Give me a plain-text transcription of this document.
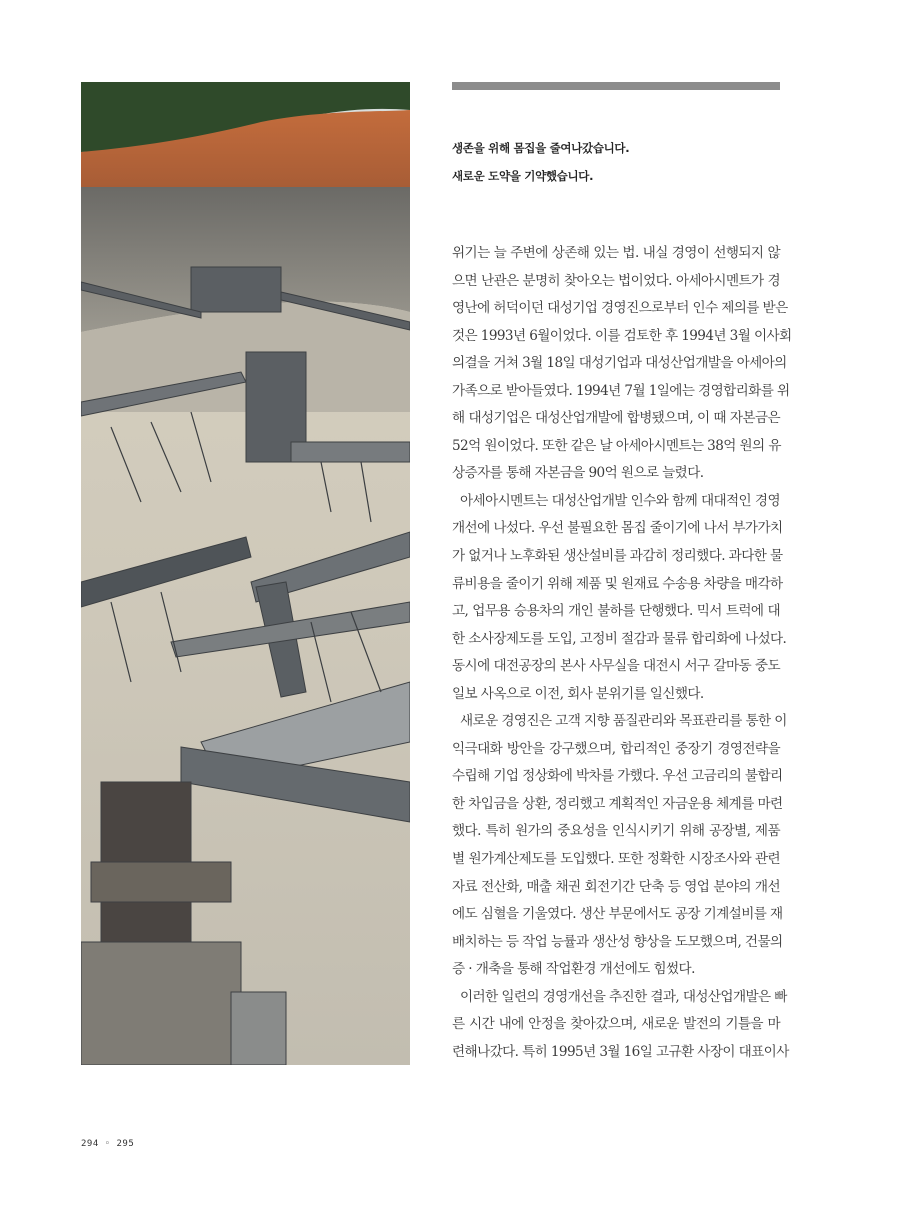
생존을 위해 몸집을 줄여나갔습니다.
새로운 도약을 기약했습니다.
위기는 늘 주변에 상존해 있는 법. 내실 경영이 선행되지 않
으면 난관은 분명히 찾아오는 법이었다. 아세아시멘트가 경
영난에 허덕이던 대성기업 경영진으로부터 인수 제의를 받은
것은 1993년 6월이었다. 이를 검토한 후 1994년 3월 이사회
의결을 거쳐 3월 18일 대성기업과 대성산업개발을 아세아의
가족으로 받아들였다. 1994년 7월 1일에는 경영합리화를 위
해 대성기업은 대성산업개발에 합병됐으며, 이 때 자본금은
52억 원이었다. 또한 같은 날 아세아시멘트는 38억 원의 유
상증자를 통해 자본금을 90억 원으로 늘렸다.
아세아시멘트는 대성산업개발 인수와 함께 대대적인 경영
개선에 나섰다. 우선 불필요한 몸집 줄이기에 나서 부가가치
가 없거나 노후화된 생산설비를 과감히 정리했다. 과다한 물
류비용을 줄이기 위해 제품 및 원재료 수송용 차량을 매각하
고, 업무용 승용차의 개인 불하를 단행했다. 믹서 트럭에 대
한 소사장제도를 도입, 고정비 절감과 물류 합리화에 나섰다.
동시에 대전공장의 본사 사무실을 대전시 서구 갈마동 중도
일보 사옥으로 이전, 회사 분위기를 일신했다.
새로운 경영진은 고객 지향 품질관리와 목표관리를 통한 이
익극대화 방안을 강구했으며, 합리적인 중장기 경영전략을
수립해 기업 정상화에 박차를 가했다. 우선 고금리의 불합리
한 차입금을 상환, 정리했고 계획적인 자금운용 체계를 마련
했다. 특히 원가의 중요성을 인식시키기 위해 공장별, 제품
별 원가계산제도를 도입했다. 또한 정확한 시장조사와 관련
자료 전산화, 매출 채권 회전기간 단축 등 영업 분야의 개선
에도 심혈을 기울였다. 생산 부문에서도 공장 기계설비를 재
배치하는 등 작업 능률과 생산성 향상을 도모했으며, 건물의
증 · 개축을 통해 작업환경 개선에도 힘썼다.
이러한 일련의 경영개선을 추진한 결과, 대성산업개발은 빠
른 시간 내에 안정을 찾아갔으며, 새로운 발전의 기틀을 마
련해나갔다. 특히 1995년 3월 16일 고규환 사장이 대표이사
294 ◦ 295
